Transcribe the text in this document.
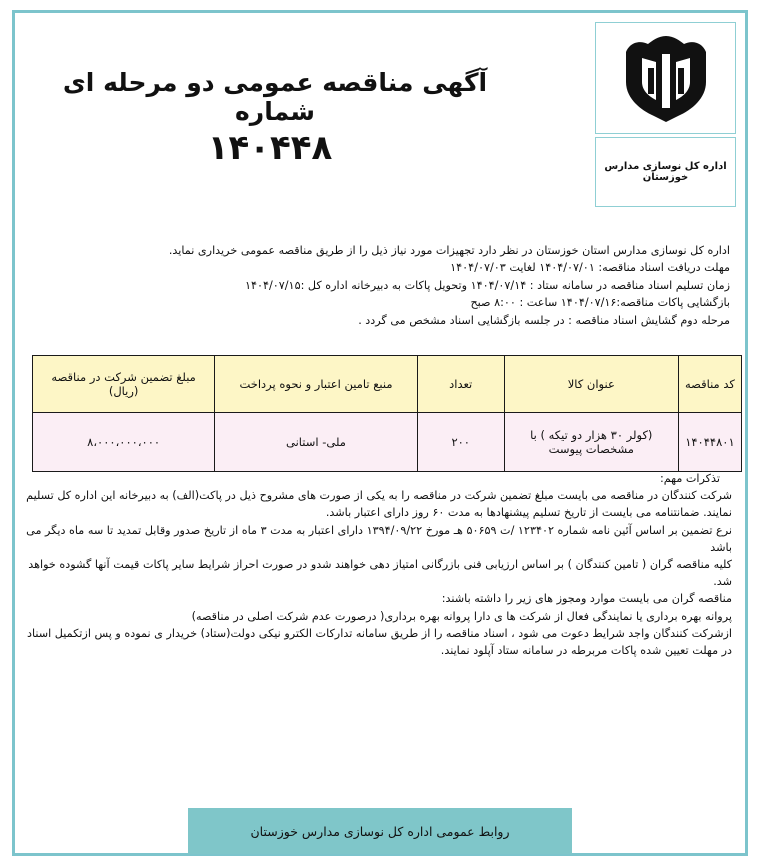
اداره کل نوسازی مدارس خوزستان
آگهی مناقصه عمومی دو مرحله ای شماره
۱۴۰۴۴۸
اداره کل نوسازی مدارس استان خوزستان در نظر دارد تجهیزات مورد نیاز ذیل را از طریق مناقصه عمومی خریداری نماید.
مهلت دریافت اسناد مناقصه: ۱۴۰۴/۰۷/۰۱ لغایت ۱۴۰۴/۰۷/۰۳
زمان تسلیم اسناد مناقصه در سامانه ستاد : ۱۴۰۴/۰۷/۱۴ وتحویل پاکات به دبیرخانه اداره کل :۱۴۰۴/۰۷/۱۵
بازگشایی پاکات مناقصه:۱۴۰۴/۰۷/۱۶ ساعت : ۸:۰۰ صبح
مرحله دوم گشایش اسناد مناقصه : در جلسه بازگشایی اسناد مشخص می گردد .
کد مناقصه	عنوان کالا	تعداد	منبع تامین اعتبار و نحوه پرداخت	مبلغ تضمین شرکت در مناقصه (ریال)
۱۴۰۴۴۸۰۱	(کولر ۳۰ هزار دو تیکه ) با مشخصات پیوست	۲۰۰	ملی- استانی	۸،۰۰۰،۰۰۰،۰۰۰

تذکرات مهم:

شرکت کنندگان در مناقصه می بایست مبلغ تضمین شرکت در مناقصه را به یکی از صورت های مشروح ذیل در پاکت(الف) به دبیرخانه این اداره کل تسلیم نمایند. ضمانتنامه می بایست از تاریخ تسلیم پیشنهادها به مدت ۶۰ روز دارای اعتبار باشد.

نرع تضمین بر اساس آئین نامه شماره ۱۲۳۴۰۲ /ت ۵۰۶۵۹ هـ مورخ ۱۳۹۴/۰۹/۲۲ دارای اعتبار به مدت ۳ ماه از تاریخ صدور وقابل تمدید تا سه ماه دیگر می باشد

کلیه مناقصه گران ( تامین کنندگان ) بر اساس ارزیابی فنی بازرگانی امتیاز دهی خواهند شدو در صورت احراز شرایط سایر پاکات قیمت آنها گشوده خواهد شد.

مناقصه گران می بایست موارد ومجوز های زیر را داشته باشند:

پروانه بهره برداری یا نمایندگی فعال از شرکت ها ی دارا پروانه بهره برداری( درصورت عدم شرکت اصلی در مناقصه)

ازشرکت کنندگان واجد شرایط دعوت می شود ، اسناد مناقصه را از طریق سامانه تدارکات الکترو نیکی دولت(ستاد) خریدار ی نموده و پس ازتکمیل اسناد در مهلت تعیین شده پاکات مربرطه در سامانه ستاد آپلود نمایند.

روابط عمومی اداره کل نوسازی مدارس خوزستان
